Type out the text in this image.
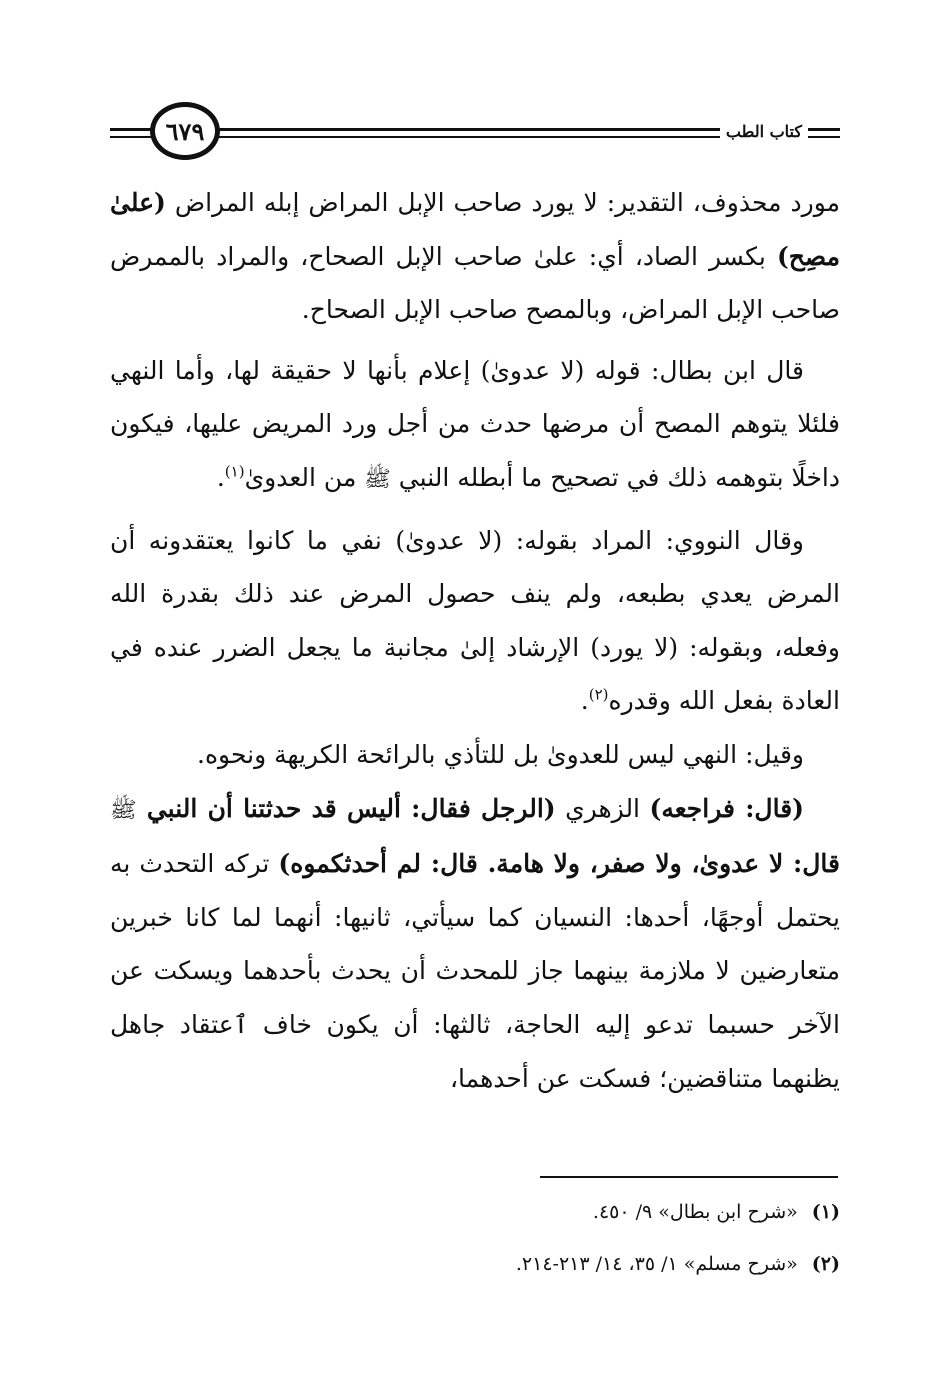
٦٧٩	كتاب الطب

مورد محذوف، التقدير: لا يورد صاحب الإبل المراض إبله المراض (علىٰ مصِح) بكسر الصاد، أي: علىٰ صاحب الإبل الصحاح، والمراد بالممرض صاحب الإبل المراض، وبالمصح صاحب الإبل الصحاح.

قال ابن بطال: قوله (لا عدوىٰ) إعلام بأنها لا حقيقة لها، وأما النهي فلئلا يتوهم المصح أن مرضها حدث من أجل ورد المريض عليها، فيكون داخلًا بتوهمه ذلك في تصحيح ما أبطله النبي ﷺ من العدوىٰ$^{(١)}$.

وقال النووي: المراد بقوله: (لا عدوىٰ) نفي ما كانوا يعتقدونه أن المرض يعدي بطبعه، ولم ينف حصول المرض عند ذلك بقدرة الله وفعله، وبقوله: (لا يورد) الإرشاد إلىٰ مجانبة ما يجعل الضرر عنده في العادة بفعل الله وقدره$^{(٢)}$.

وقيل: النهي ليس للعدوىٰ بل للتأذي بالرائحة الكريهة ونحوه.

(قال: فراجعه) الزهري (الرجل فقال: أليس قد حدثتنا أن النبي ﷺ قال: لا عدوىٰ، ولا صفر، ولا هامة. قال: لم أحدثكموه) تركه التحدث به يحتمل أوجهًا، أحدها: النسيان كما سيأتي، ثانيها: أنهما لما كانا خبرين متعارضين لا ملازمة بينهما جاز للمحدث أن يحدث بأحدهما ويسكت عن الآخر حسبما تدعو إليه الحاجة، ثالثها: أن يكون خاف ٱعتقاد جاهل يظنهما متناقضين؛ فسكت عن أحدهما،

(١)«شرح ابن بطال» ٩/ ٤٥٠.

(٢)«شرح مسلم» ١/ ٣٥، ١٤/ ٢١٣-٢١٤.
